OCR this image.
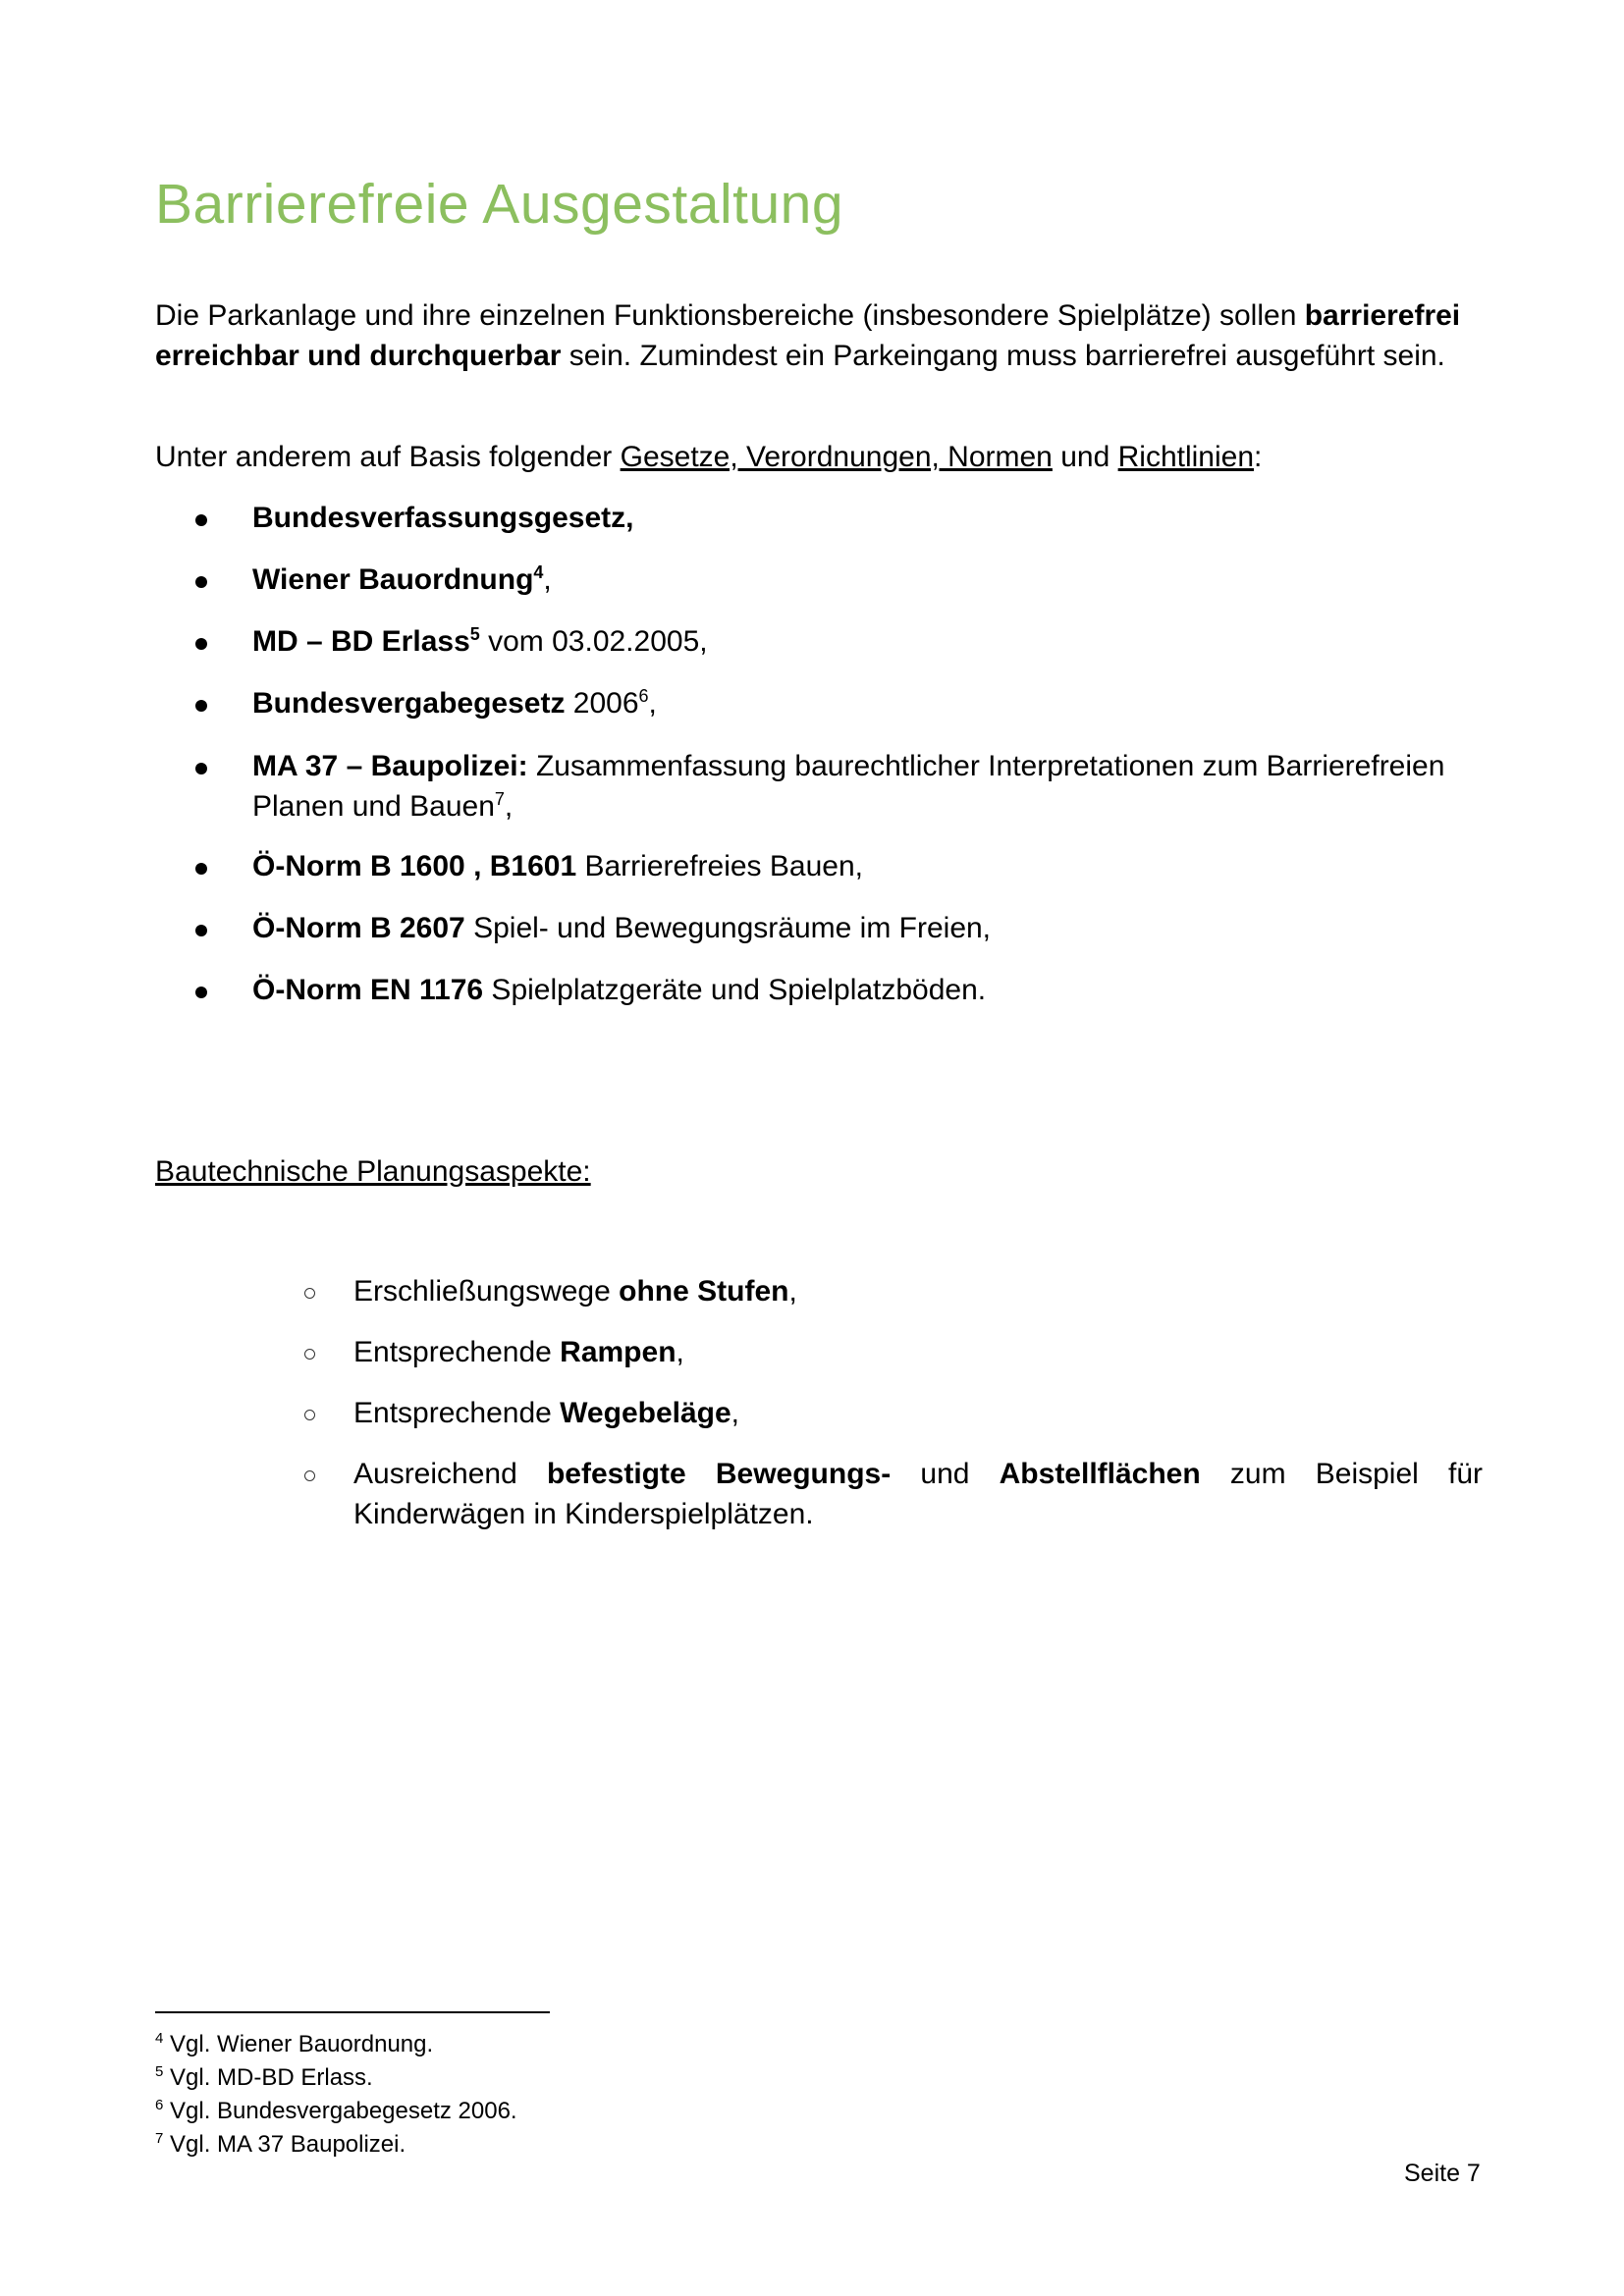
Barrierefreie Ausgestaltung

Die Parkanlage und ihre einzelnen Funktionsbereiche (insbesondere Spielplätze) sollen barrierefrei erreichbar und durchquerbar sein. Zumindest ein Parkeingang muss barrierefrei ausgeführt sein.

Unter anderem auf Basis folgender Gesetze, Verordnungen, Normen und Richtlinien:

Bundesverfassungsgesetz,
Wiener Bauordnung$^4$,
MD – BD Erlass$^5$ vom 03.02.2005,
Bundesvergabegesetz 2006$^6$,
MA 37 – Baupolizei: Zusammenfassung baurechtlicher Interpretationen zum Barrierefreien Planen und Bauen$^7$,
Ö-Norm B 1600 , B1601 Barrierefreies Bauen,
Ö-Norm B 2607 Spiel- und Bewegungsräume im Freien,
Ö-Norm EN 1176 Spielplatzgeräte und Spielplatzböden.
Bautechnische Planungsaspekte:
Erschließungswege ohne Stufen,
Entsprechende Rampen,
Entsprechende Wegebeläge,
Ausreichend befestigte Bewegungs- und Abstellflächen zum Beispiel für Kinderwägen in Kinderspielplätzen.
$^4$ Vgl. Wiener Bauordnung.
$^5$ Vgl. MD-BD Erlass.
$^6$ Vgl. Bundesvergabegesetz 2006.
$^7$ Vgl. MA 37 Baupolizei.
Seite 7
